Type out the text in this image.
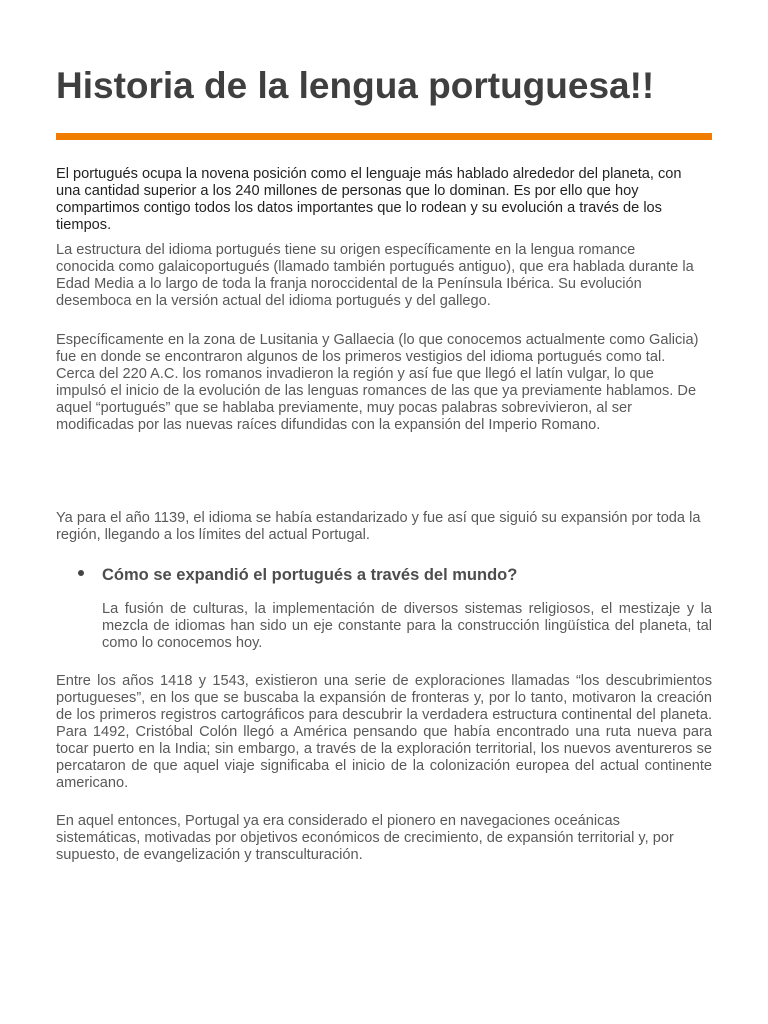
Historia de la lengua portuguesa!!

El portugués ocupa la novena posición como el lenguaje más hablado alrededor del planeta, con una cantidad superior a los 240 millones de personas que lo dominan. Es por ello que hoy compartimos contigo todos los datos importantes que lo rodean y su evolución a través de los tiempos.

La estructura del idioma portugués tiene su origen específicamente en la lengua romance conocida como galaicoportugués (llamado también portugués antiguo), que era hablada durante la Edad Media a lo largo de toda la franja noroccidental de la Península Ibérica. Su evolución desemboca en la versión actual del idioma portugués y del gallego.

Específicamente en la zona de Lusitania y Gallaecia (lo que conocemos actualmente como Galicia) fue en donde se encontraron algunos de los primeros vestigios del idioma portugués como tal. Cerca del 220 A.C. los romanos invadieron la región y así fue que llegó el latín vulgar, lo que impulsó el inicio de la evolución de las lenguas romances de las que ya previamente hablamos. De aquel “portugués” que se hablaba previamente, muy pocas palabras sobrevivieron, al ser modificadas por las nuevas raíces difundidas con la expansión del Imperio Romano.

Ya para el año 1139, el idioma se había estandarizado y fue así que siguió su expansión por toda la región, llegando a los límites del actual Portugal.

Cómo se expandió el portugués a través del mundo?

La fusión de culturas, la implementación de diversos sistemas religiosos, el mestizaje y la mezcla de idiomas han sido un eje constante para la construcción lingüística del planeta, tal como lo conocemos hoy.

Entre los años 1418 y 1543, existieron una serie de exploraciones llamadas “los descubrimientos portugueses”, en los que se buscaba la expansión de fronteras y, por lo tanto, motivaron la creación de los primeros registros cartográficos para descubrir la verdadera estructura continental del planeta. Para 1492, Cristóbal Colón llegó a América pensando que había encontrado una ruta nueva para tocar puerto en la India; sin embargo, a través de la exploración territorial, los nuevos aventureros se percataron de que aquel viaje significaba el inicio de la colonización europea del actual continente americano.

En aquel entonces, Portugal ya era considerado el pionero en navegaciones oceánicas sistemáticas, motivadas por objetivos económicos de crecimiento, de expansión territorial y, por supuesto, de evangelización y transculturación.
